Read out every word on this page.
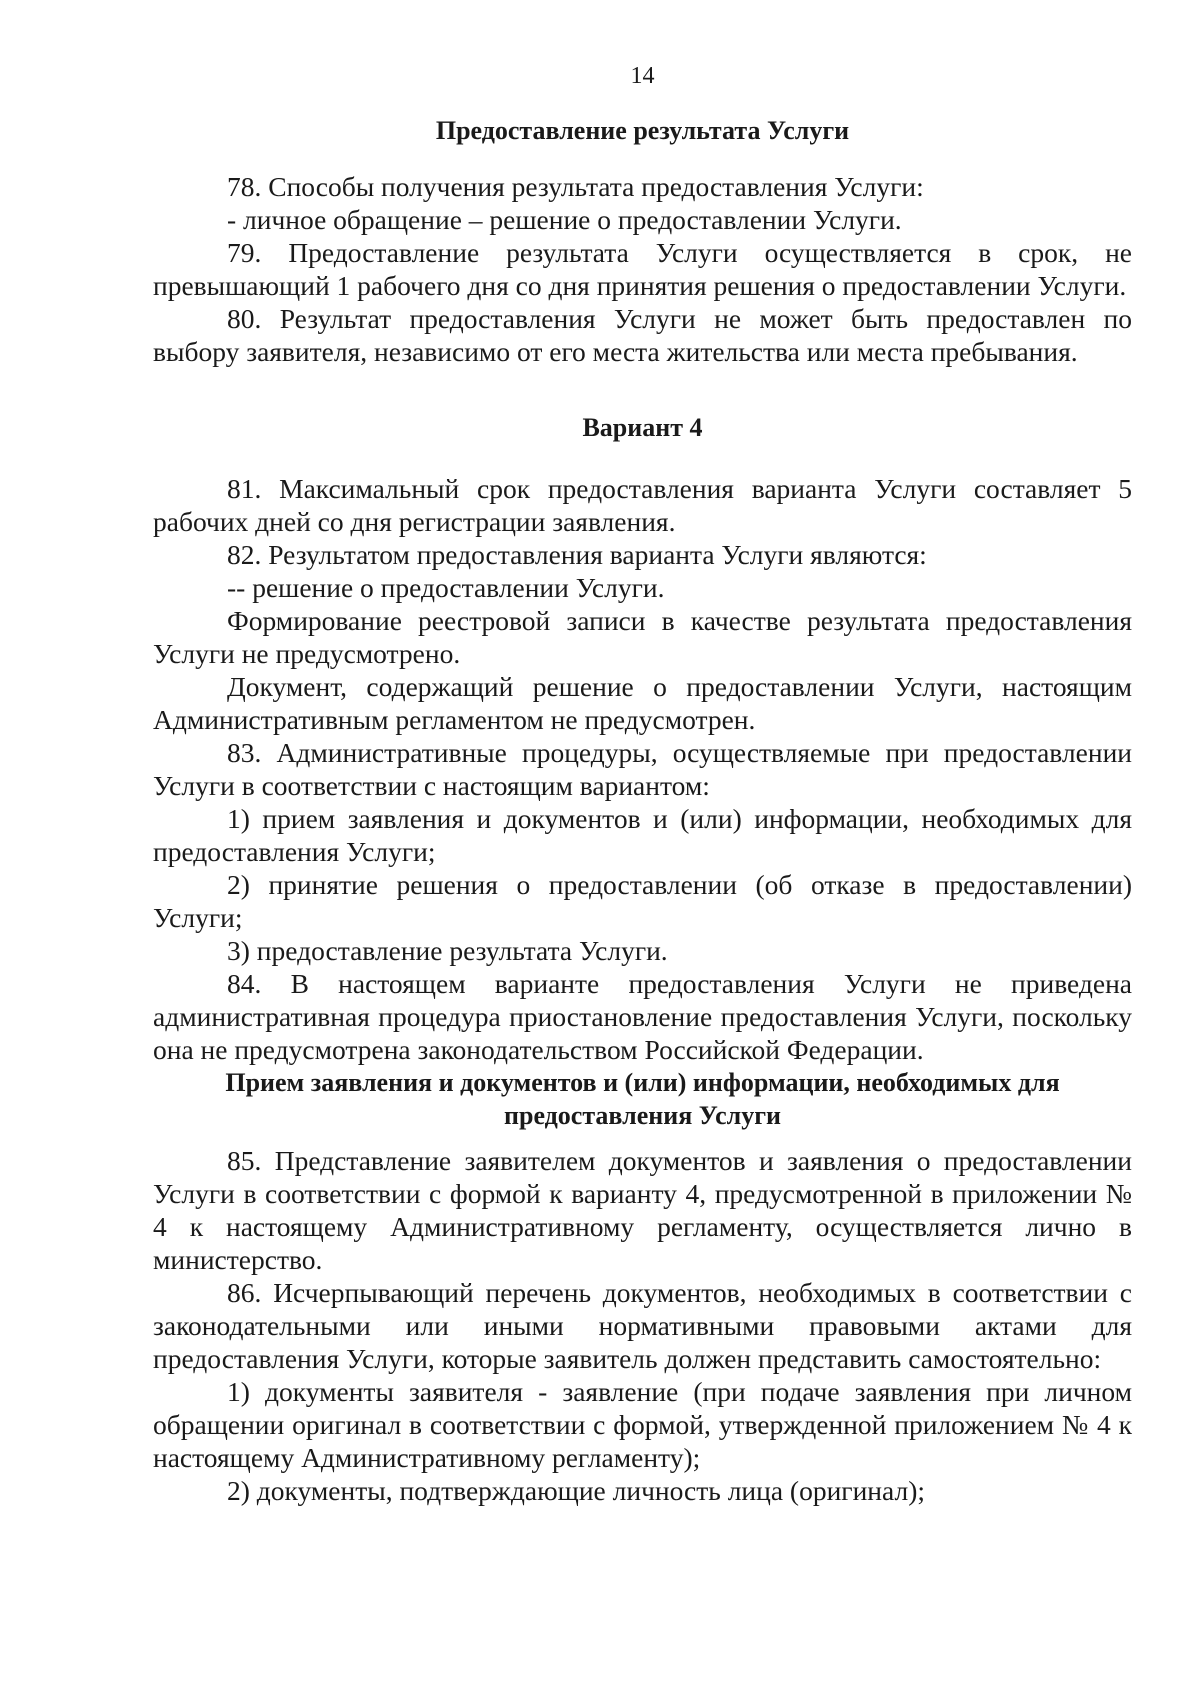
14
Предоставление результата Услуги

78. Способы получения результата предоставления Услуги:

- личное обращение – решение о предоставлении Услуги.

79. Предоставление результата Услуги осуществляется в срок, не превышающий 1 рабочего дня со дня принятия решения о предоставлении Услуги.

80. Результат предоставления Услуги не может быть предоставлен по выбору заявителя, независимо от его места жительства или места пребывания.

Вариант 4

81. Максимальный срок предоставления варианта Услуги составляет 5 рабочих дней со дня регистрации заявления.

82. Результатом предоставления варианта Услуги являются:

-- решение о предоставлении Услуги.

Формирование реестровой записи в качестве результата предоставления Услуги не предусмотрено.

Документ, содержащий решение о предоставлении Услуги, настоящим Административным регламентом не предусмотрен.

83. Административные процедуры, осуществляемые при предоставлении Услуги в соответствии с настоящим вариантом:

1) прием заявления и документов и (или) информации, необходимых для предоставления Услуги;

2) принятие решения о предоставлении (об отказе в предоставлении) Услуги;

3) предоставление результата Услуги.

84. В настоящем варианте предоставления Услуги не приведена административная процедура приостановление предоставления Услуги, поскольку она не предусмотрена законодательством Российской Федерации.

Прием заявления и документов и (или) информации, необходимых для
предоставления Услуги

85. Представление заявителем документов и заявления о предоставлении Услуги в соответствии с формой к варианту 4, предусмотренной в приложении № 4 к настоящему Административному регламенту, осуществляется лично в министерство.

86. Исчерпывающий перечень документов, необходимых в соответствии с законодательными или иными нормативными правовыми актами для предоставления Услуги, которые заявитель должен представить самостоятельно:

1) документы заявителя - заявление (при подаче заявления при личном обращении оригинал в соответствии с формой, утвержденной приложением № 4 к настоящему Административному регламенту);

2) документы, подтверждающие личность лица (оригинал);
